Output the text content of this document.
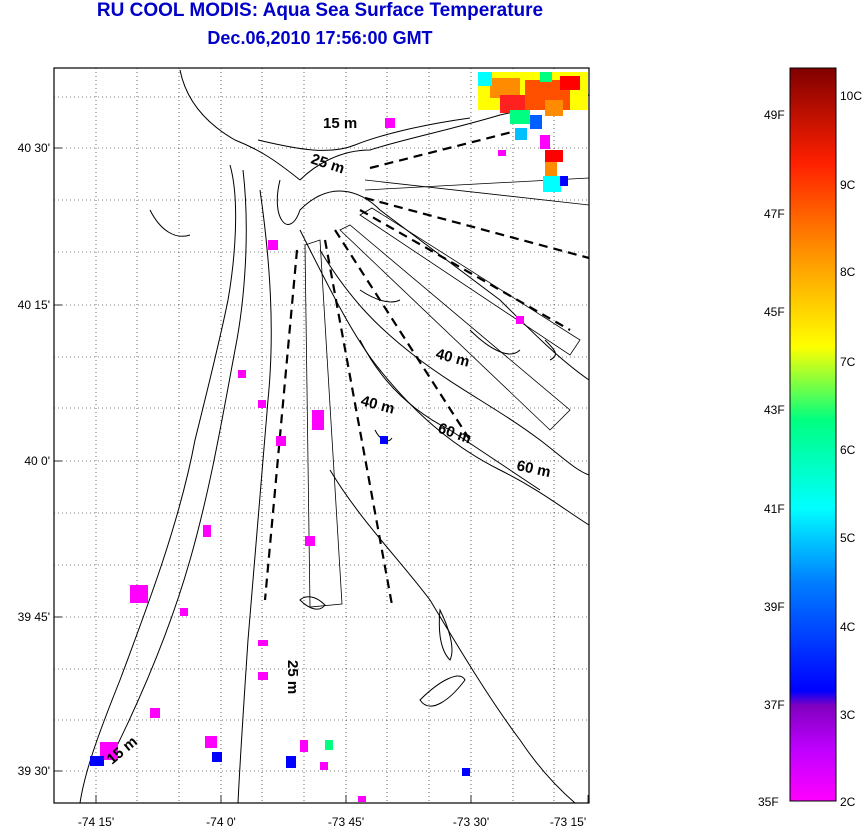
RU COOL MODIS: Aqua Sea Surface Temperature
Dec.06,2010 17:56:00 GMT
15 m
25 m
40 m
40 m
60 m
60 m
25 m
15 m
-74 15'	-74 0'	-73 45'	-73 30'	-73 15'
40 30'
40 15'
40 0'
39 45'
39 30'
49F
47F
45F
43F
41F
39F
37F
35F
10C
9C
8C
7C
6C
5C
4C
3C
2C
